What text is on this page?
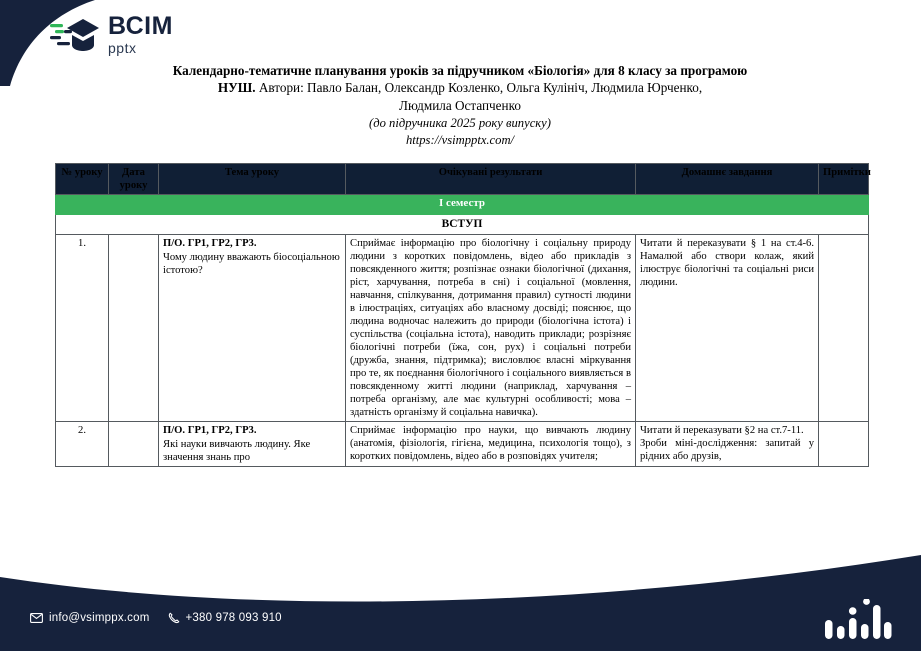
ВСІМ
pptx
Календарно-тематичне планування уроків за підручником «Біологія» для 8 класу за програмою
НУШ. Автори: Павло Балан, Олександр Козленко, Ольга Кулініч, Людмила Юрченко,
Людмила Остапченко
(до підручника 2025 року випуску)
https://vsimpptx.com/
№ уроку	Дата уроку	Тема уроку	Очікувані результати	Домашнє завдання	Примітки
І семестр					
ВСТУП					
1.		П/О. ГР1, ГР2, ГР3.
Чому людину вважають біосоціальною істотою?	Сприймає інформацію про біологічну і соціальну природу людини з коротких повідомлень, відео або прикладів з повсякденного життя; розпізнає ознаки біологічної (дихання, ріст, харчування, потреба в сні) і соціальної (мовлення, навчання, спілкування, дотримання правил) сутності людини в ілюстраціях, ситуаціях або власному досвіді; пояснює, що людина водночас належить до природи (біологічна істота) і суспільства (соціальна істота), наводить приклади; розрізняє біологічні потреби (їжа, сон, рух) і соціальні потреби (дружба, знання, підтримка); висловлює власні міркування про те, як поєднання біологічного і соціального виявляється в повсякденному житті людини (наприклад, харчування – потреба організму, але має культурні особливості; мова – здатність організму й соціальна навичка).	Читати й переказувати § 1 на ст.4-6. Намалюй або створи колаж, який ілюструє біологічні та соціальні риси людини.	
2.		П/О. ГР1, ГР2, ГР3.
Які науки вивчають людину. Яке значення знань про	Сприймає інформацію про науки, що вивчають людину (анатомія, фізіологія, гігієна, медицина, психологія тощо), з коротких повідомлень, відео або в розповідях учителя;	Читати й переказувати §2 на ст.7-11.
Зроби міні-дослідження: запитай у рідних або друзів,	

info@vsimppx.com	+380 978 093 910
